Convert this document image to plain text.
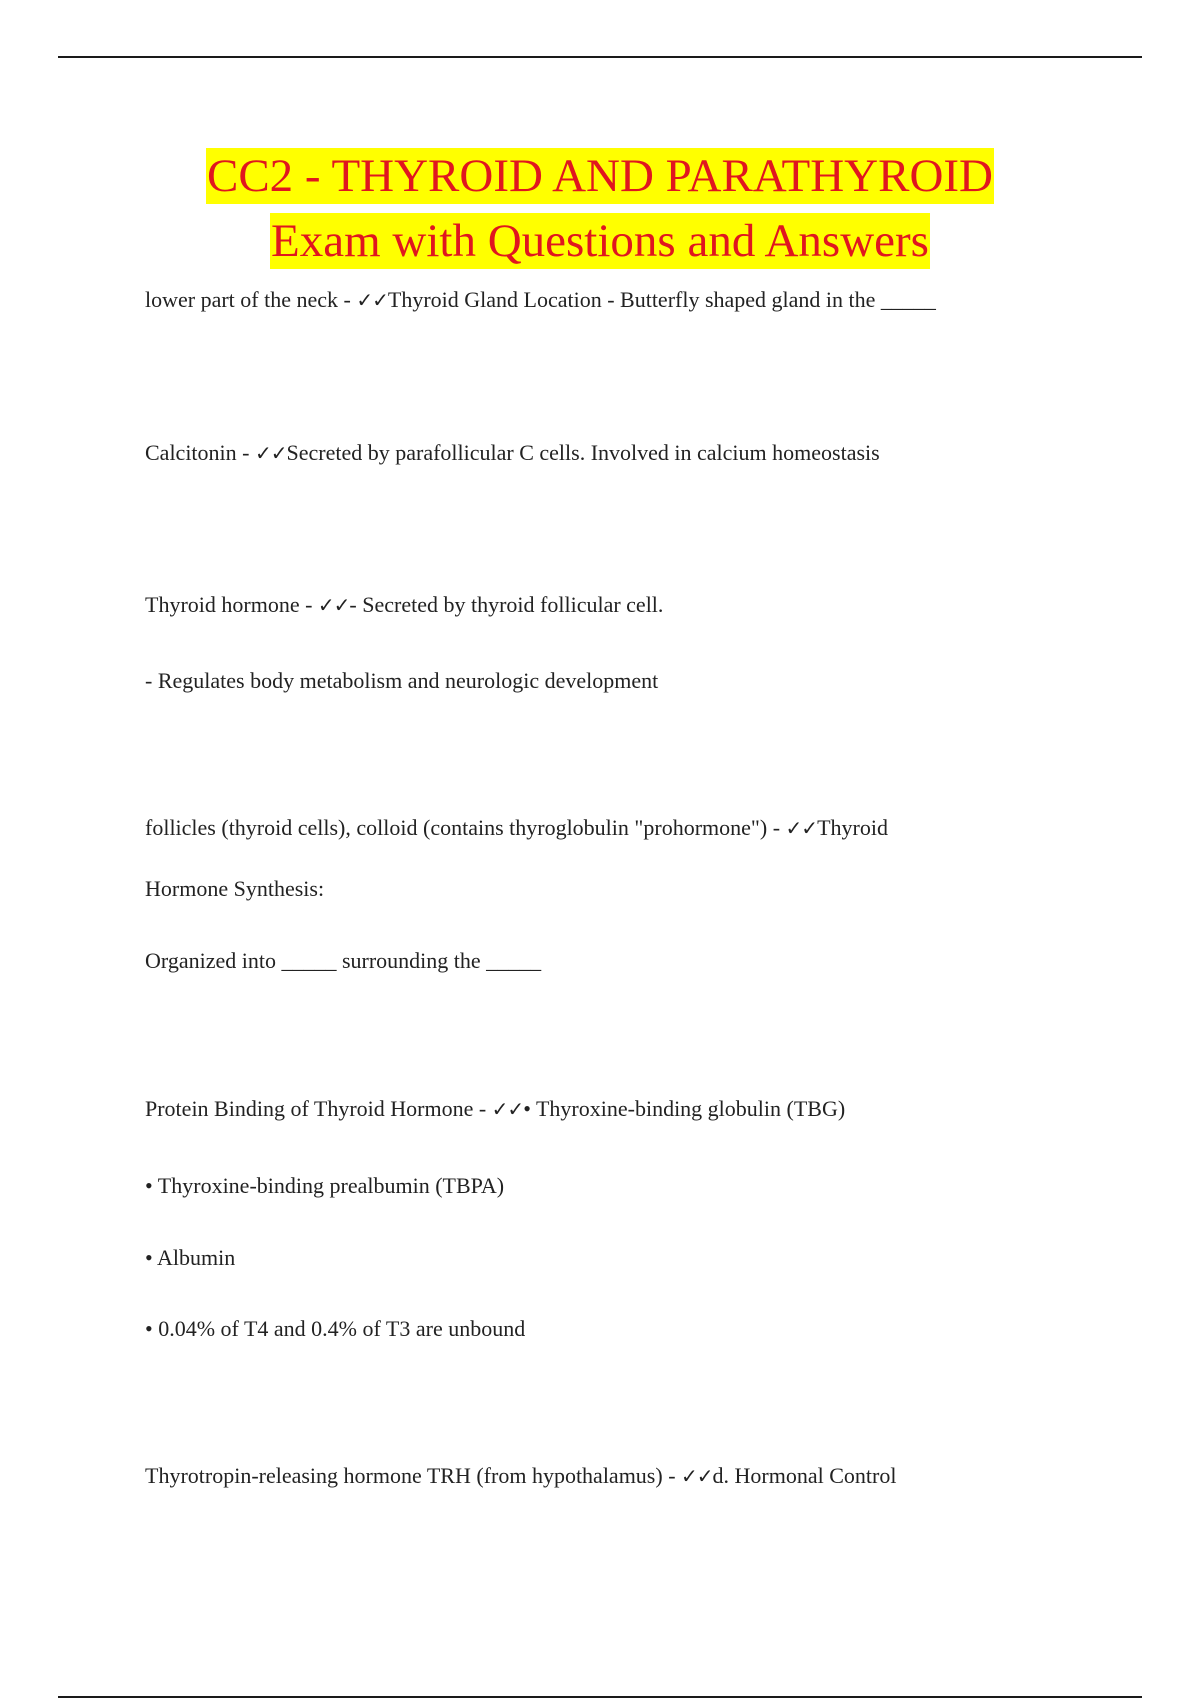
CC2 - THYROID AND PARATHYROID
Exam with Questions and Answers
lower part of the neck - ✓✓Thyroid Gland Location - Butterfly shaped gland in the _____
Calcitonin - ✓✓Secreted by parafollicular C cells. Involved in calcium homeostasis
Thyroid hormone - ✓✓- Secreted by thyroid follicular cell.
- Regulates body metabolism and neurologic development
follicles (thyroid cells), colloid (contains thyroglobulin "prohormone") - ✓✓Thyroid
Hormone Synthesis:
Organized into _____ surrounding the _____
Protein Binding of Thyroid Hormone - ✓✓• Thyroxine-binding globulin (TBG)
• Thyroxine-binding prealbumin (TBPA)
• Albumin
• 0.04% of T4 and 0.4% of T3 are unbound
Thyrotropin-releasing hormone TRH (from hypothalamus) - ✓✓d. Hormonal Control
